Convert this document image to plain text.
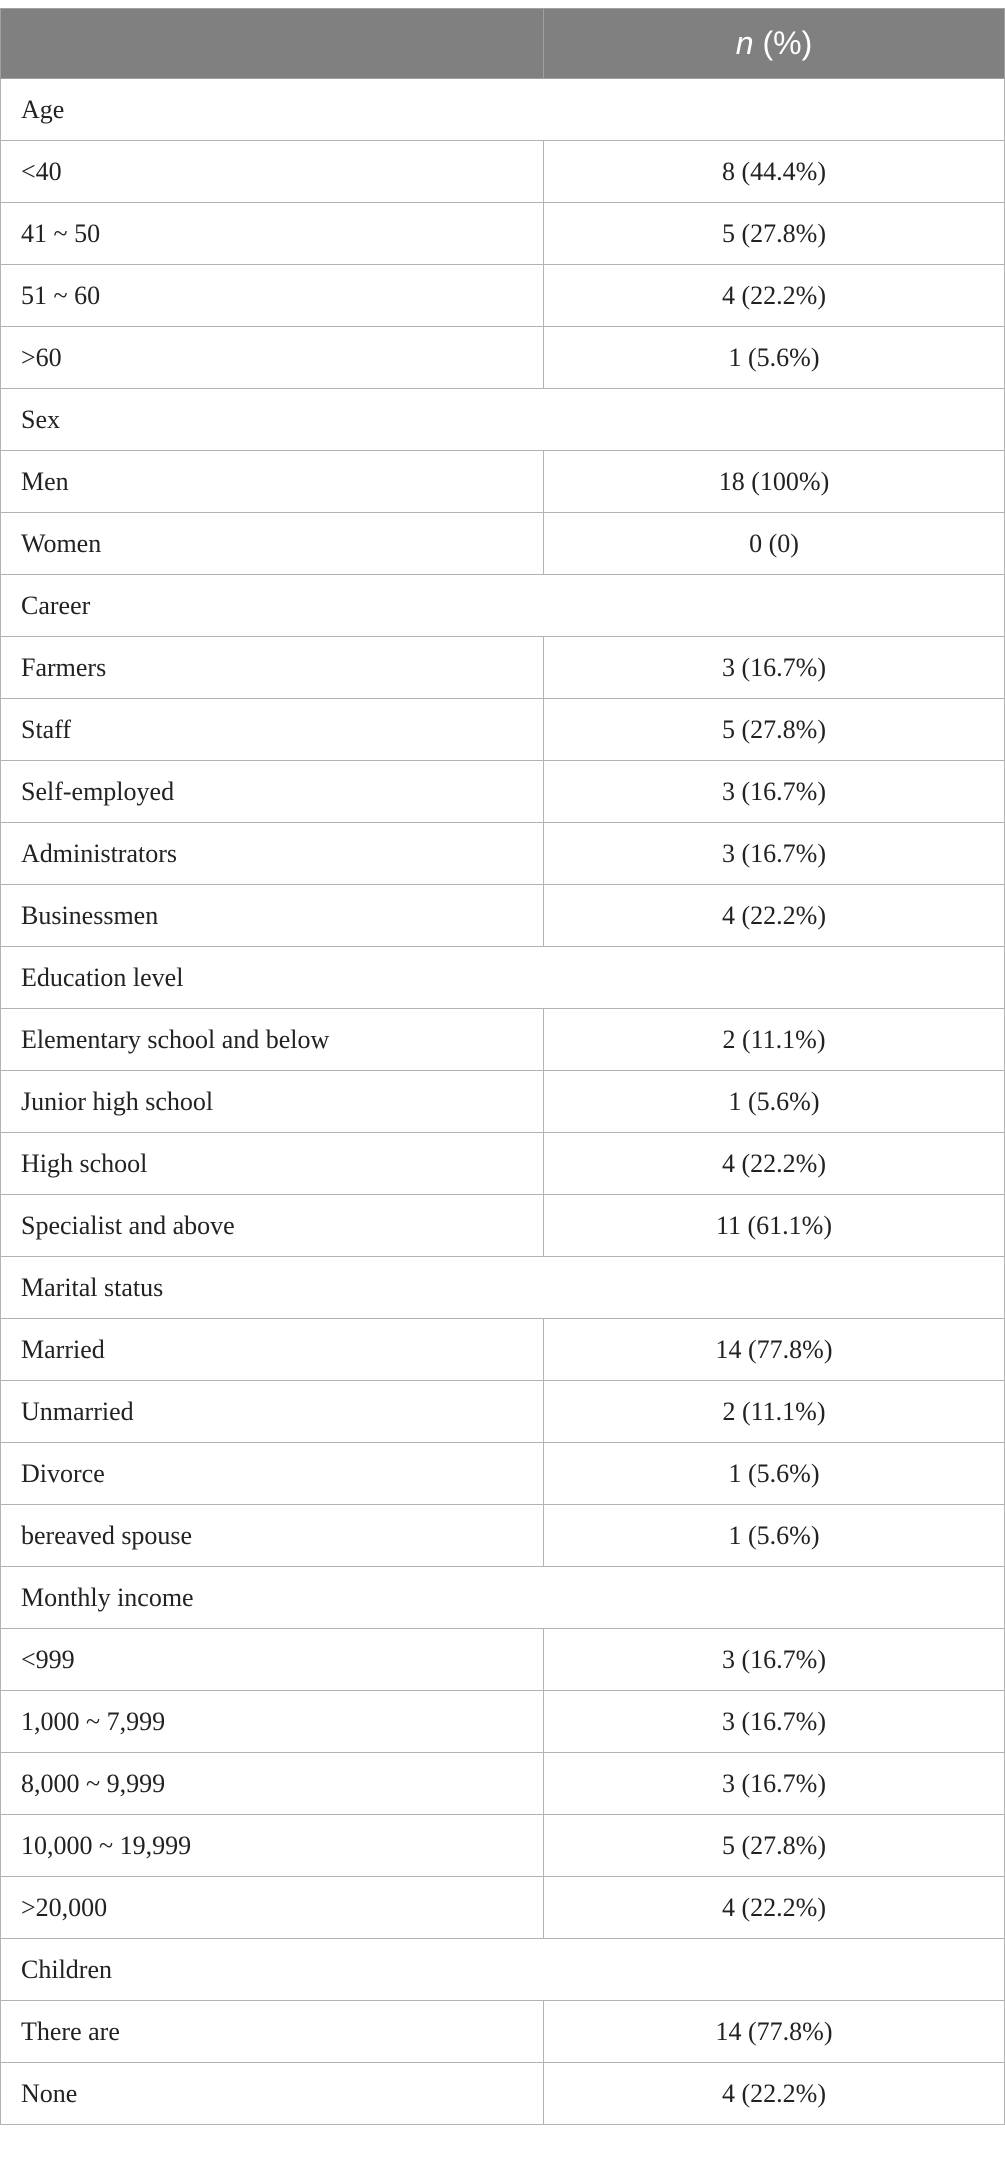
	n (%)
Age	
<40	8 (44.4%)
41 ~ 50	5 (27.8%)
51 ~ 60	4 (22.2%)
>60	1 (5.6%)
Sex	
Men	18 (100%)
Women	0 (0)
Career	
Farmers	3 (16.7%)
Staff	5 (27.8%)
Self-employed	3 (16.7%)
Administrators	3 (16.7%)
Businessmen	4 (22.2%)
Education level	
Elementary school and below	2 (11.1%)
Junior high school	1 (5.6%)
High school	4 (22.2%)
Specialist and above	11 (61.1%)
Marital status	
Married	14 (77.8%)
Unmarried	2 (11.1%)
Divorce	1 (5.6%)
bereaved spouse	1 (5.6%)
Monthly income	
<999	3 (16.7%)
1,000 ~ 7,999	3 (16.7%)
8,000 ~ 9,999	3 (16.7%)
10,000 ~ 19,999	5 (27.8%)
>20,000	4 (22.2%)
Children	
There are	14 (77.8%)
None	4 (22.2%)
